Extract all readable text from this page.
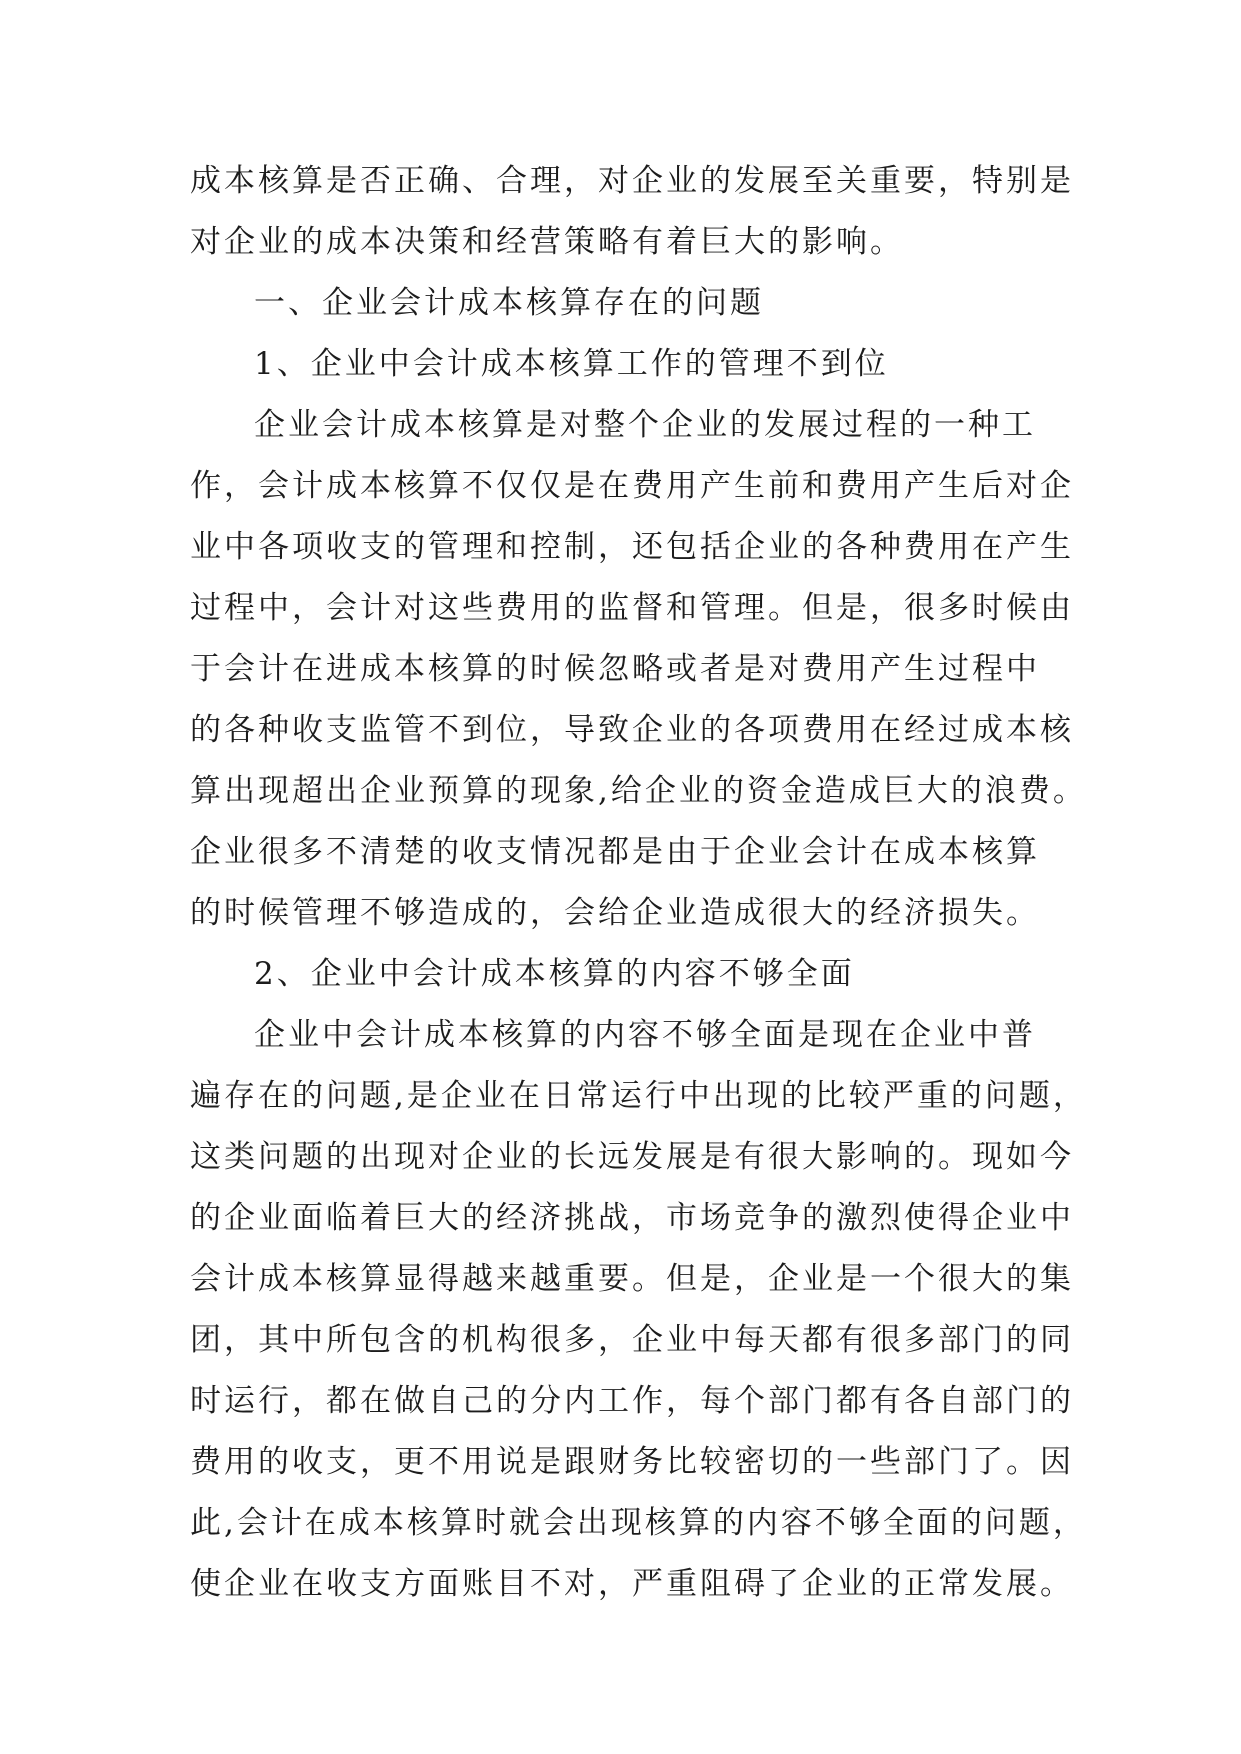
成本核算是否正确、合理，对企业的发展至关重要，特别是
对企业的成本决策和经营策略有着巨大的影响。
一、企业会计成本核算存在的问题
1、企业中会计成本核算工作的管理不到位
企业会计成本核算是对整个企业的发展过程的一种工
作，会计成本核算不仅仅是在费用产生前和费用产生后对企
业中各项收支的管理和控制，还包括企业的各种费用在产生
过程中，会计对这些费用的监督和管理。但是，很多时候由
于会计在进成本核算的时候忽略或者是对费用产生过程中
的各种收支监管不到位，导致企业的各项费用在经过成本核
算出现超出企业预算的现象,给企业的资金造成巨大的浪费。
企业很多不清楚的收支情况都是由于企业会计在成本核算
的时候管理不够造成的，会给企业造成很大的经济损失。
2、企业中会计成本核算的内容不够全面
企业中会计成本核算的内容不够全面是现在企业中普
遍存在的问题,是企业在日常运行中出现的比较严重的问题，
这类问题的出现对企业的长远发展是有很大影响的。现如今
的企业面临着巨大的经济挑战，市场竞争的激烈使得企业中
会计成本核算显得越来越重要。但是，企业是一个很大的集
团，其中所包含的机构很多，企业中每天都有很多部门的同
时运行，都在做自己的分内工作，每个部门都有各自部门的
费用的收支，更不用说是跟财务比较密切的一些部门了。因
此,会计在成本核算时就会出现核算的内容不够全面的问题，
使企业在收支方面账目不对，严重阻碍了企业的正常发展。
